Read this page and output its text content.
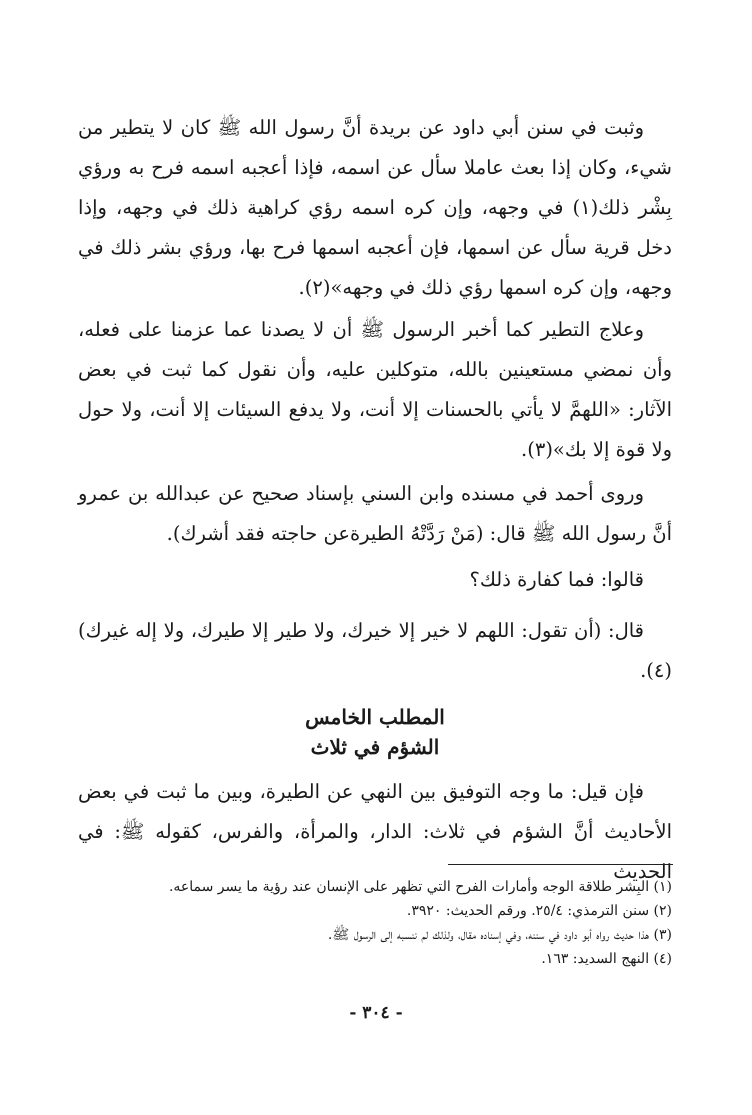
وثبت في سنن أبي داود عن بريدة أنَّ رسول الله ﷺ كان لا يتطير من شيء، وكان إذا بعث عاملا سأل عن اسمه، فإذا أعجبه اسمه فرح به ورؤي بِشْر ذلك(١) في وجهه، وإن كره اسمه رؤي كراهية ذلك في وجهه، وإذا دخل قرية سأل عن اسمها، فإن أعجبه اسمها فرح بها، ورؤي بشر ذلك في وجهه، وإن كره اسمها رؤي ذلك في وجهه»(٢).

وعلاج التطير كما أخبر الرسول ﷺ أن لا يصدنا عما عزمنا على فعله، وأن نمضي مستعينين بالله، متوكلين عليه، وأن نقول كما ثبت في بعض الآثار: «اللهمَّ لا يأتي بالحسنات إلا أنت، ولا يدفع السيئات إلا أنت، ولا حول ولا قوة إلا بك»(٣).

وروى أحمد في مسنده وابن السني بإسناد صحيح عن عبدالله بن عمرو أنَّ رسول الله ﷺ قال: (مَنْ رَدَّتْهُ الطيرةعن حاجته فقد أشرك).

قالوا: فما كفارة ذلك؟

قال: (أن تقول: اللهم لا خير إلا خيرك، ولا طير إلا طيرك، ولا إله غيرك)(٤).

المطلب الخامس
الشؤم في ثلاث

فإن قيل: ما وجه التوفيق بين النهي عن الطيرة، وبين ما ثبت في بعض الأحاديث أنَّ الشؤم في ثلاث: الدار، والمرأة، والفرس، كقوله ﷺ: في الحديث

(١) البِشر طلاقة الوجه وأمارات الفرح التي تظهر على الإنسان عند رؤية ما يسر سماعه.
(٢) سنن الترمذي: ٢٥/٤. ورقم الحديث: ٣٩٢٠.
(٣) هذا حديث رواه أبو داود في سننه، وفي إسناده مقال، ولذلك لم ننسبه إلى الرسول ﷺ.
(٤) النهج السديد: ١٦٣.
- ٣٠٤ -
